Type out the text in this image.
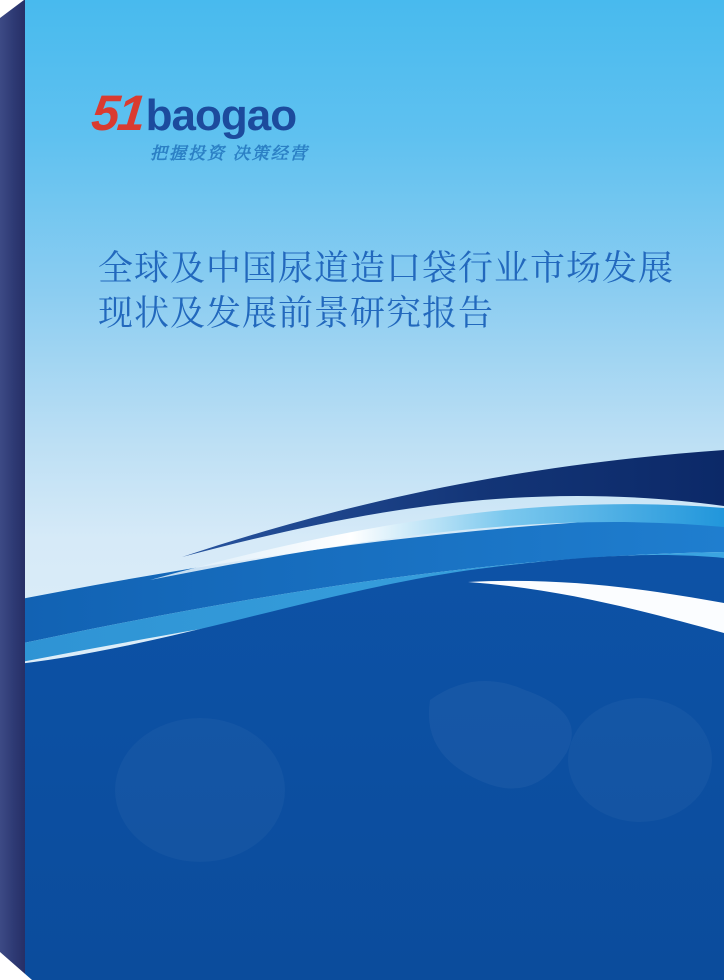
51 baogao
把握投资 决策经营
全球及中国尿道造口袋行业市场发展
现状及发展前景研究报告
